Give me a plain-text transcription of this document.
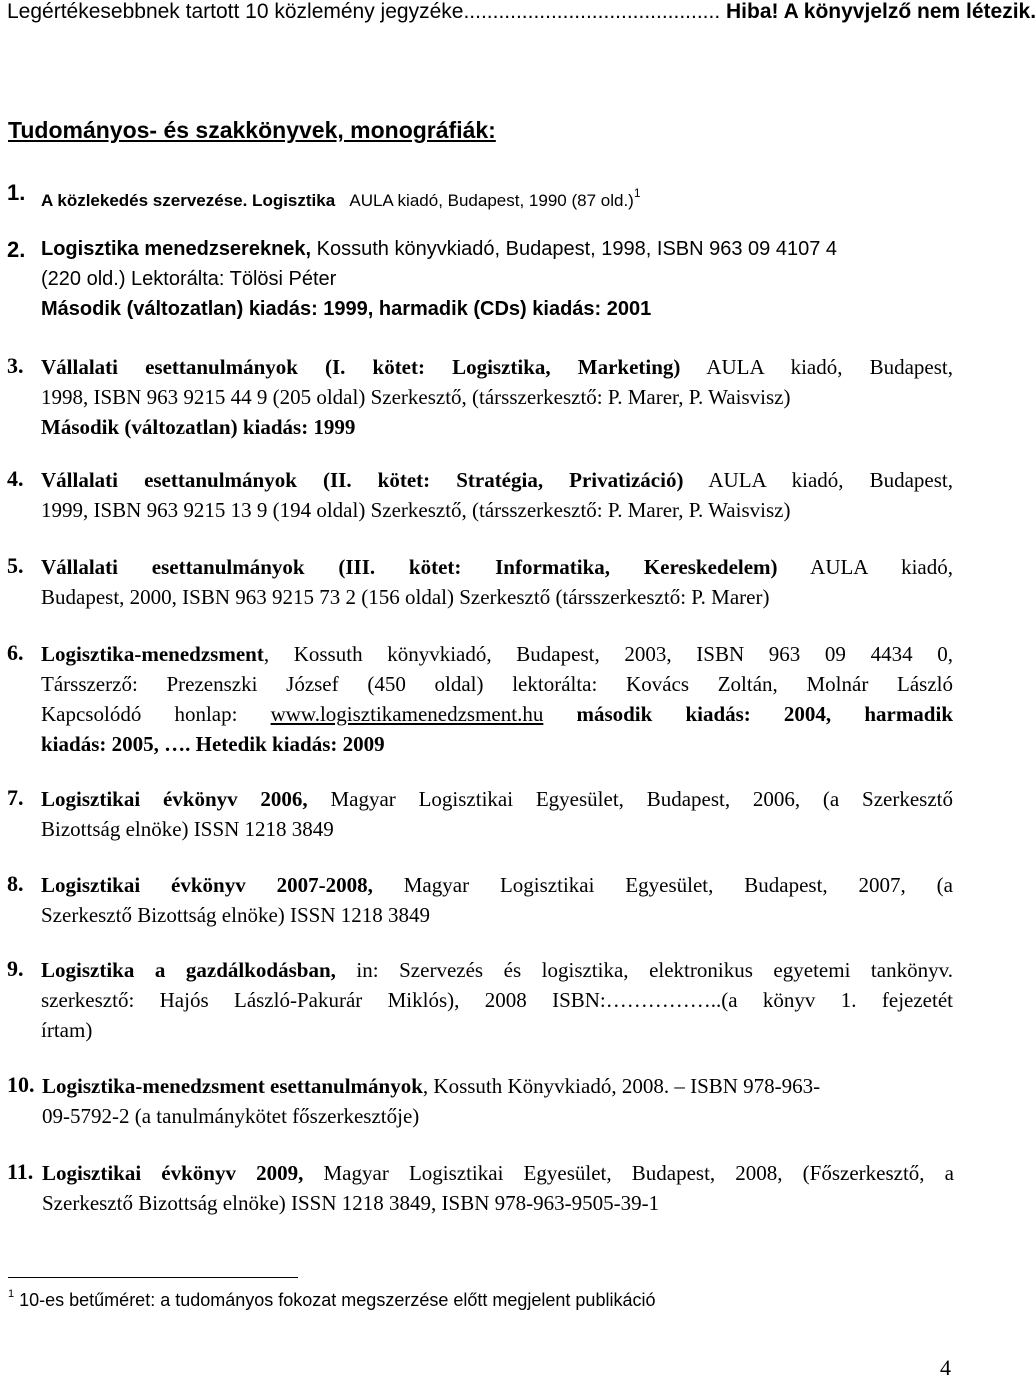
Legértékesebbnek tartott 10 közlemény jegyzéke............................................ Hiba! A könyvjelző nem létezik.
Tudományos- és szakkönyvek, monográfiák:
1. A közlekedés szervezése. Logisztika AULA kiadó, Budapest, 1990 (87 old.)$^1$
2. Logisztika menedzsereknek, Kossuth könyvkiadó, Budapest, 1998, ISBN 963 09 4107 4
(220 old.) Lektorálta: Tölösi Péter
Második (változatlan) kiadás: 1999, harmadik (CDs) kiadás: 2001
3. Vállalati esettanulmányok (I. kötet: Logisztika, Marketing) AULA kiadó, Budapest,
1998, ISBN 963 9215 44 9 (205 oldal) Szerkesztő, (társszerkesztő: P. Marer, P. Waisvisz)
Második (változatlan) kiadás: 1999
4. Vállalati esettanulmányok (II. kötet: Stratégia, Privatizáció) AULA kiadó, Budapest,
1999, ISBN 963 9215 13 9 (194 oldal) Szerkesztő, (társszerkesztő: P. Marer, P. Waisvisz)
5. Vállalati esettanulmányok (III. kötet: Informatika, Kereskedelem) AULA kiadó,
Budapest, 2000, ISBN 963 9215 73 2 (156 oldal) Szerkesztő (társszerkesztő: P. Marer)
6. Logisztika-menedzsment, Kossuth könyvkiadó, Budapest, 2003, ISBN 963 09 4434 0,
Társszerző: Prezenszki József (450 oldal) lektorálta: Kovács Zoltán, Molnár László
Kapcsolódó honlap: www.logisztikamenedzsment.hu második kiadás: 2004, harmadik
kiadás: 2005, …. Hetedik kiadás: 2009
7. Logisztikai évkönyv 2006, Magyar Logisztikai Egyesület, Budapest, 2006, (a Szerkesztő
Bizottság elnöke) ISSN 1218 3849
8. Logisztikai évkönyv 2007-2008, Magyar Logisztikai Egyesület, Budapest, 2007, (a
Szerkesztő Bizottság elnöke) ISSN 1218 3849
9. Logisztika a gazdálkodásban, in: Szervezés és logisztika, elektronikus egyetemi tankönyv.
szerkesztő: Hajós László-Pakurár Miklós), 2008 ISBN:……………..(a könyv 1. fejezetét
írtam)
10. Logisztika-menedzsment esettanulmányok, Kossuth Könyvkiadó, 2008. – ISBN 978-963-
09-5792-2 (a tanulmánykötet főszerkesztője)
11. Logisztikai évkönyv 2009, Magyar Logisztikai Egyesület, Budapest, 2008, (Főszerkesztő, a
Szerkesztő Bizottság elnöke) ISSN 1218 3849, ISBN 978-963-9505-39-1
$^1$ 10-es betűméret: a tudományos fokozat megszerzése előtt megjelent publikáció
4
